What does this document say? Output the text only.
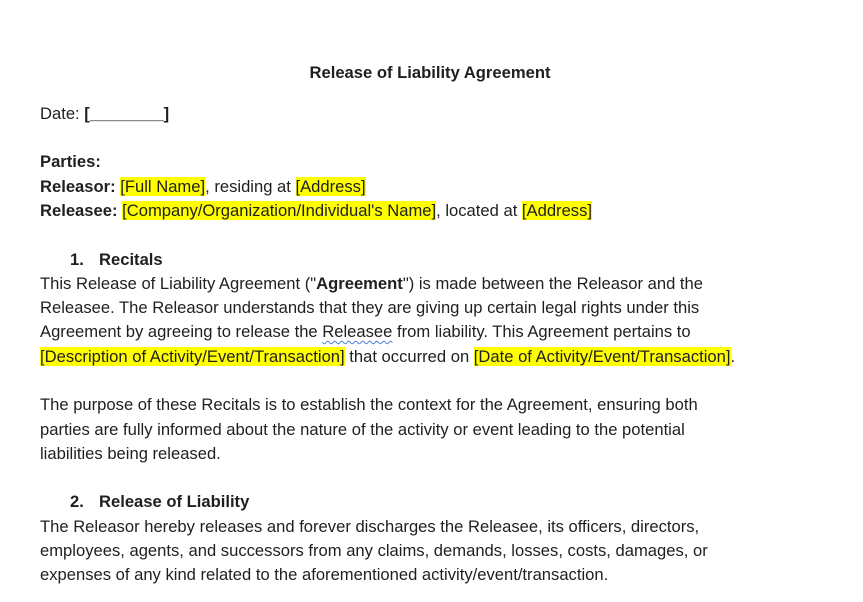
Release of Liability Agreement
Date: [________]
Parties:
Releasor: [Full Name], residing at [Address]
Releasee: [Company/Organization/Individual's Name], located at [Address]
1. Recitals
This Release of Liability Agreement ("Agreement") is made between the Releasor and the
Releasee. The Releasor understands that they are giving up certain legal rights under this
Agreement by agreeing to release the Releasee from liability. This Agreement pertains to
[Description of Activity/Event/Transaction] that occurred on [Date of Activity/Event/Transaction].
The purpose of these Recitals is to establish the context for the Agreement, ensuring both
parties are fully informed about the nature of the activity or event leading to the potential
liabilities being released.
2. Release of Liability
The Releasor hereby releases and forever discharges the Releasee, its officers, directors,
employees, agents, and successors from any claims, demands, losses, costs, damages, or
expenses of any kind related to the aforementioned activity/event/transaction.
